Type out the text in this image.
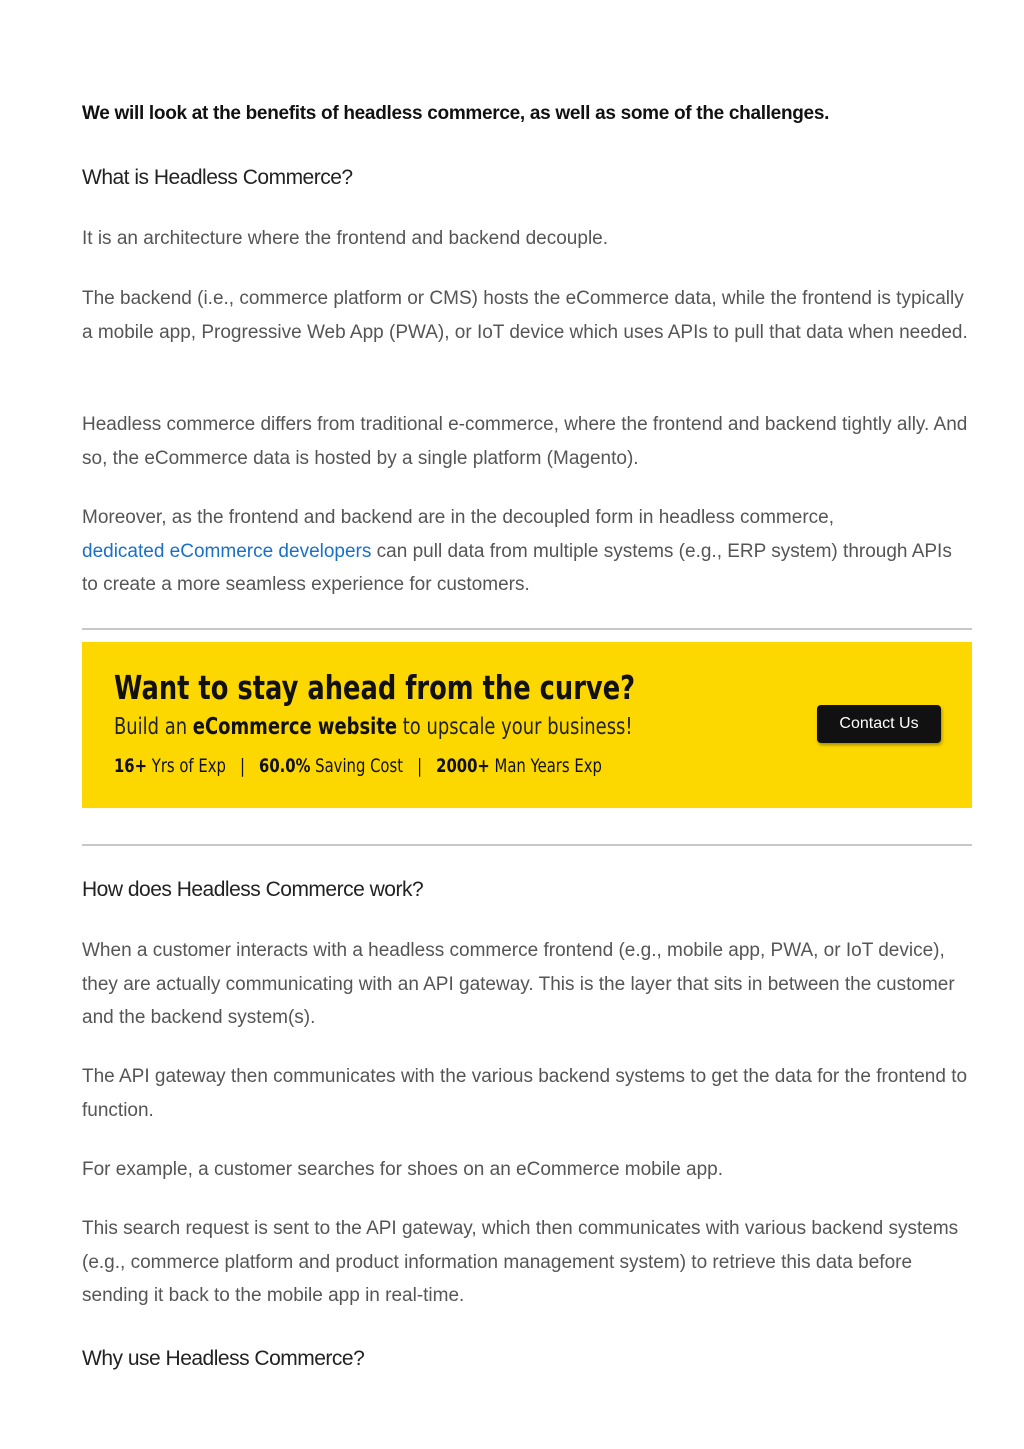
We will look at the benefits of headless commerce, as well as some of the challenges.

What is Headless Commerce?

It is an architecture where the frontend and backend decouple.

The backend (i.e., commerce platform or CMS) hosts the eCommerce data, while the frontend is typically a mobile app, Progressive Web App (PWA), or IoT device which uses APIs to pull that data when needed.

Headless commerce differs from traditional e-commerce, where the frontend and backend tightly ally. And so, the eCommerce data is hosted by a single platform (Magento).

Moreover, as the frontend and backend are in the decoupled form in headless commerce,
dedicated eCommerce developers can pull data from multiple systems (e.g., ERP system) through APIs to create a more seamless experience for customers.

Want to stay ahead from the curve?

Build an eCommerce website to upscale your business!

16+ Yrs of Exp | 60.0% Saving Cost | 2000+ Man Years Exp

Contact Us
How does Headless Commerce work?

When a customer interacts with a headless commerce frontend (e.g., mobile app, PWA, or IoT device), they are actually communicating with an API gateway. This is the layer that sits in between the customer and the backend system(s).

The API gateway then communicates with the various backend systems to get the data for the frontend to function.

For example, a customer searches for shoes on an eCommerce mobile app.

This search request is sent to the API gateway, which then communicates with various backend systems (e.g., commerce platform and product information management system) to retrieve this data before sending it back to the mobile app in real-time.

Why use Headless Commerce?
